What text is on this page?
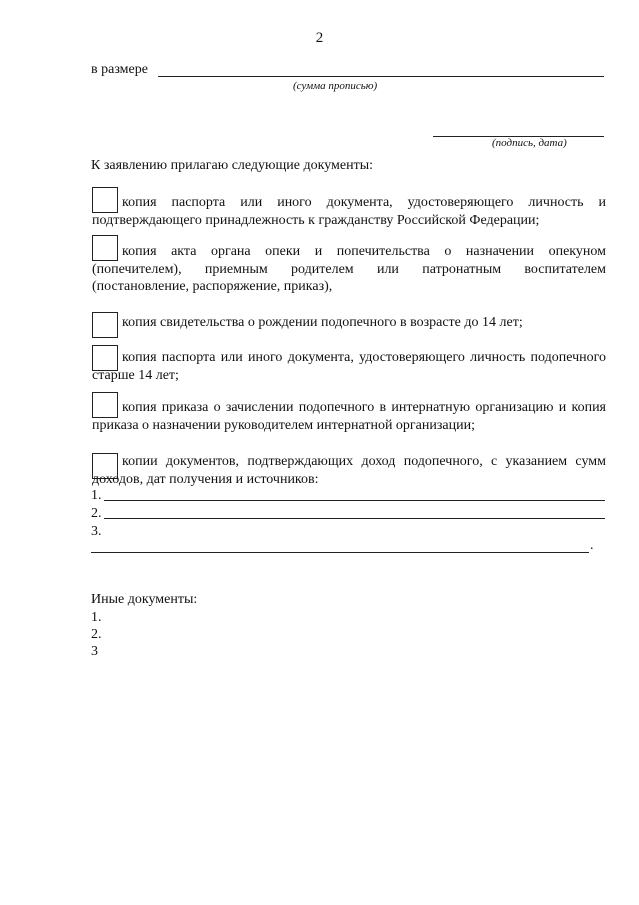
2
в размере
(сумма прописью)
(подпись, дата)
К заявлению прилагаю следующие документы:
копия паспорта или иного документа, удостоверяющего личность и подтверждающего принадлежность к гражданству Российской Федерации;
копия акта органа опеки и попечительства о назначении опекуном (попечителем), приемным родителем или патронатным воспитателем (постановление, распоряжение, приказ),
копия свидетельства о рождении подопечного в возрасте до 14 лет;
копия паспорта или иного документа, удостоверяющего личность подопечного старше 14 лет;
копия приказа о зачислении подопечного в интернатную организацию и копия приказа о назначении руководителем интернатной организации;
копии документов, подтверждающих доход подопечного, с указанием сумм доходов, дат получения и источников:
1.
2.
3.
.
Иные документы:
1.
2.
3
